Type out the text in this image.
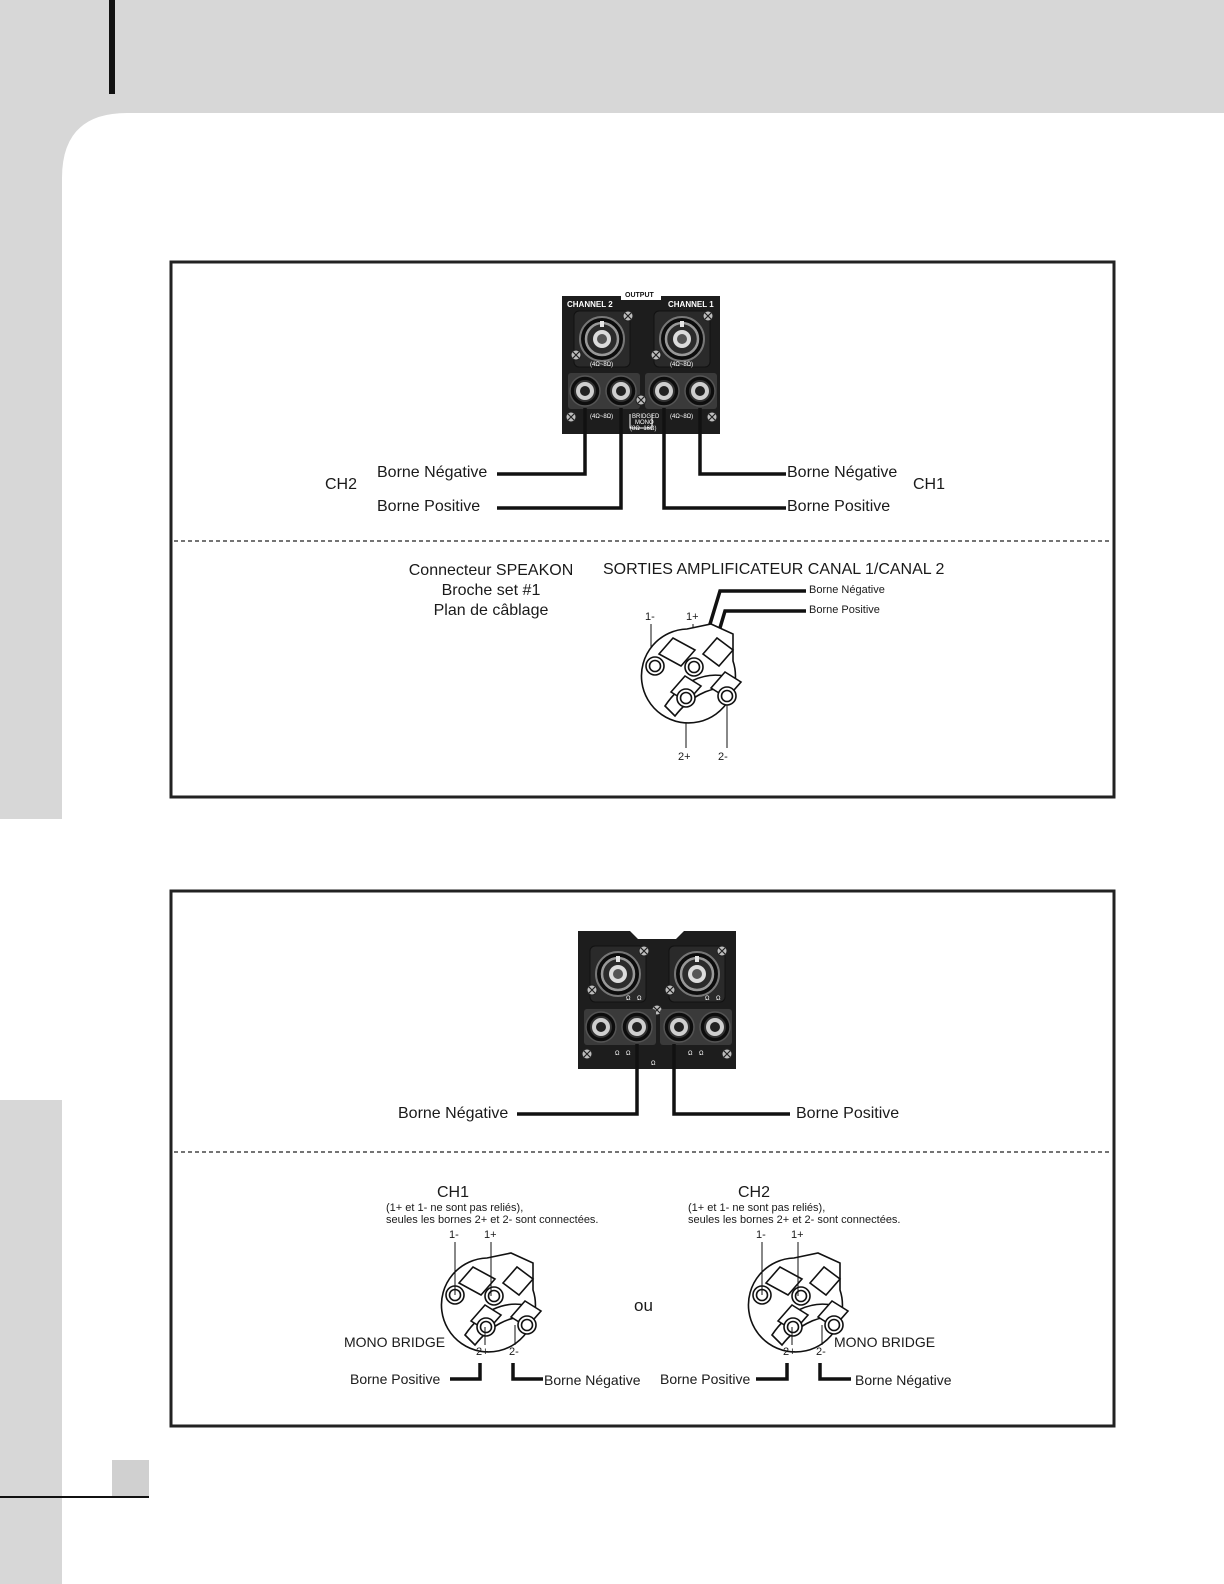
OUTPUT
CHANNEL 2	CHANNEL 1
(4Ω~8Ω)	(4Ω~8Ω)
(4Ω~8Ω)	(4Ω~8Ω)
BRIDGED
MONO
(8Ω~16Ω)
CH2	CH1
Borne Négative
Borne Positive
Borne Négative
Borne Positive
Connecteur SPEAKON
Broche set #1
Plan de câblage
SORTIES AMPLIFICATEUR CANAL 1/CANAL 2
Borne Négative
Borne Positive
1-	1+
2+ 2-
Ω Ω	Ω Ω
Ω Ω	Ω Ω
Ω
Borne Négative	Borne Positive
CH1
(1+ et 1- ne sont pas reliés),
seules les bornes 2+ et 2- sont connectées.
1- 1+
MONO BRIDGE
2+ 2-
Borne Positive	Borne Négative
ou
CH2
(1+ et 1- ne sont pas reliés),
seules les bornes 2+ et 2- sont connectées.
1- 1+
MONO BRIDGE
2+ 2-
Borne Positive	Borne Négative
